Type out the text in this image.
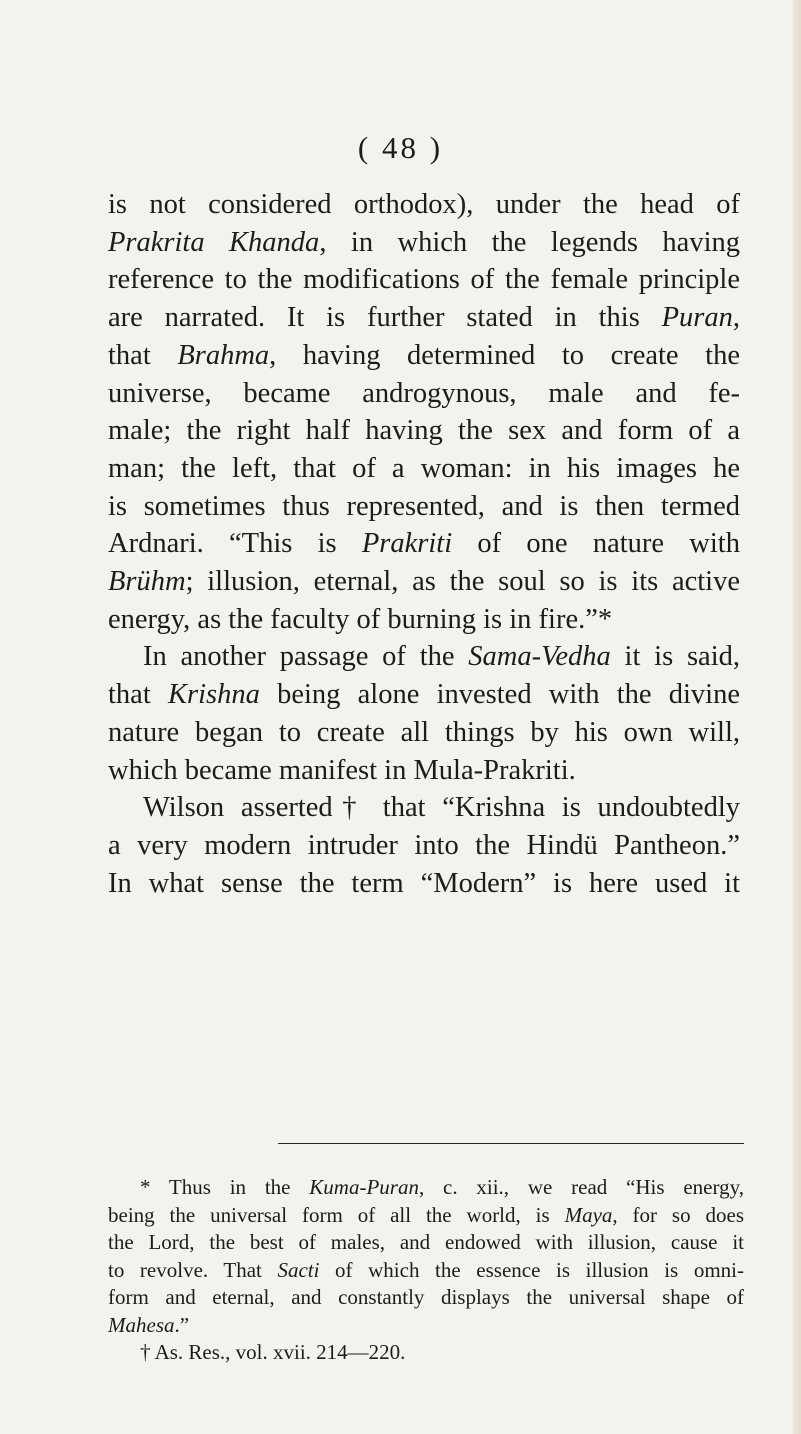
( 48 )
is not considered orthodox), under the head of
Prakrita Khanda, in which the legends having
reference to the modifications of the female principle
are narrated. It is further stated in this Puran,
that Brahma, having determined to create the
universe, became androgynous, male and fe-
male; the right half having the sex and form of a
man; the left, that of a woman: in his images he
is sometimes thus represented, and is then termed
Ardnari. “This is Prakriti of one nature with
Brühm; illusion, eternal, as the soul so is its active
energy, as the faculty of burning is in fire.”*
In another passage of the Sama-Vedha it is said,
that Krishna being alone invested with the divine
nature began to create all things by his own will,
which became manifest in Mula-Prakriti.
Wilson asserted† that “Krishna is undoubtedly
a very modern intruder into the Hindü Pantheon.”
In what sense the term “Modern” is here used it
* Thus in the Kuma-Puran, c. xii., we read “His energy,
being the universal form of all the world, is Maya, for so does
the Lord, the best of males, and endowed with illusion, cause it
to revolve. That Sacti of which the essence is illusion is omni-
form and eternal, and constantly displays the universal shape of
Mahesa.”
† As. Res., vol. xvii. 214—220.
